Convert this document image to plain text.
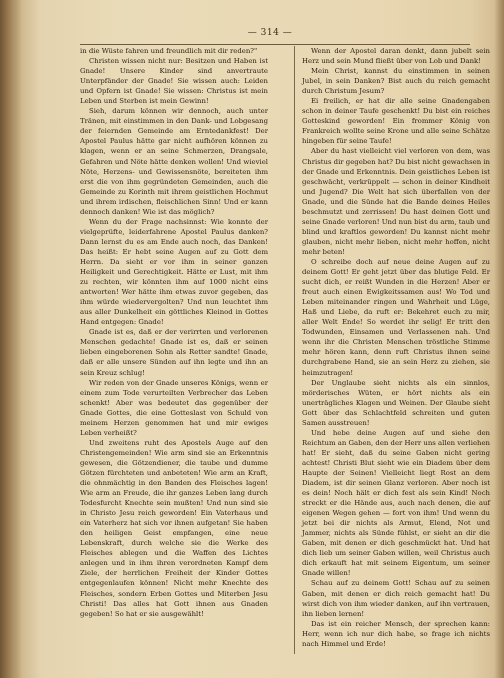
— 314 —

in die Wüste fahren und freundlich mit dir reden?"

Christen wissen nicht nur: Besitzen und Haben ist Gnade! Unsere Kinder sind anvertraute Unterpfänder der Gnade! Sie wissen auch: Leiden und Opfern ist Gnade! Sie wissen: Christus ist mein Leben und Sterben ist mein Gewinn!

Sieh, darum können wir dennoch, auch unter Tränen, mit einstimmen in den Dank- und Lobgesang der feiernden Gemeinde am Erntedankfest! Der Apostel Paulus hätte gar nicht aufhören können zu klagen, wenn er an seine Schmerzen, Drangsale, Gefahren und Nöte hätte denken wollen! Und wieviel Nöte, Herzens- und Gewissensnöte, bereiteten ihm erst die von ihm gegründeten Gemeinden, auch die Gemeinde zu Korinth mit ihrem geistlichen Hochmut und ihrem irdischen, fleischlichen Sinn! Und er kann dennoch danken! Wie ist das möglich?

Wenn du der Frage nachsinnst: Wie konnte der vielgeprüfte, leiderfahrene Apostel Paulus danken? Dann lernst du es am Ende auch noch, das Danken! Das heißt: Er hebt seine Augen auf zu Gott dem Herrn. Da sieht er vor ihm in seiner ganzen Heiligkeit und Gerechtigkeit. Hätte er Lust, mit ihm zu rechten, wir könnten ihm auf 1000 nicht eins antworten! Wer hätte ihm etwas zuvor gegeben, das ihm würde wiedervergolten? Und nun leuchtet ihm aus aller Dunkelheit ein göttliches Kleinod in Gottes Hand entgegen: Gnade!

Gnade ist es, daß er der verirrten und verlorenen Menschen gedachte! Gnade ist es, daß er seinen lieben eingeborenen Sohn als Retter sandte! Gnade, daß er alle unsere Sünden auf ihn legte und ihn an sein Kreuz schlug!

Wir reden von der Gnade unseres Königs, wenn er einem zum Tode verurteilten Verbrecher das Leben schenkt! Aber was bedeutet das gegenüber der Gnade Gottes, die eine Gotteslast von Schuld von meinem Herzen genommen hat und mir ewiges Leben verheißt?

Und zweitens ruht des Apostels Auge auf den Christengemeinden! Wie arm sind sie an Erkenntnis gewesen, die Götzendiener, die taube und dumme Götzen fürchteten und anbeteten! Wie arm an Kraft, die ohnmächtig in den Banden des Fleisches lagen! Wie arm an Freude, die ihr ganzes Leben lang durch Todesfurcht Knechte sein mußten! Und nun sind sie in Christo Jesu reich geworden! Ein Vaterhaus und ein Vaterherz hat sich vor ihnen aufgetan! Sie haben den heiligen Geist empfangen, eine neue Lebenskraft, durch welche sie die Werke des Fleisches ablegen und die Waffen des Lichtes anlegen und in ihm ihren verordneten Kampf dem Ziele, der herrlichen Freiheit der Kinder Gottes entgegenlaufen können! Nicht mehr Knechte des Fleisches, sondern Erben Gottes und Miterben Jesu Christi! Das alles hat Gott ihnen aus Gnaden gegeben! So hat er sie ausgewählt!

Wenn der Apostel daran denkt, dann jubelt sein Herz und sein Mund fließt über von Lob und Dank!

Mein Christ, kannst du einstimmen in seinen Jubel, in sein Danken? Bist auch du reich gemacht durch Christum Jesum?

Ei freilich, er hat dir alle seine Gnadengaben schon in deiner Taufe geschenkt! Du bist ein reiches Gotteskind geworden! Ein frommer König von Frankreich wollte seine Krone und alle seine Schätze hingeben für seine Taufe!

Aber du hast vielleicht viel verloren von dem, was Christus dir gegeben hat? Du bist nicht gewachsen in der Gnade und Erkenntnis. Dein geistliches Leben ist geschwächt, verkrüppelt — schon in deiner Kindheit und Jugend? Die Welt hat sich überfallen von der Gnade, und die Sünde hat die Bande deines Heiles beschmutzt und zerrissen! Du hast deinen Gott und seine Gnade verloren! Und nun bist du arm, taub und blind und kraftlos geworden! Du kannst nicht mehr glauben, nicht mehr lieben, nicht mehr hoffen, nicht mehr beten!

O schreibe doch auf neue deine Augen auf zu deinem Gott! Er geht jetzt über das blutige Feld. Er sucht dich, er reißt Wunden in die Herzen! Aber er freut auch einen Ewigkeitssamen aus! Wo Tod und Leben miteinander ringen und Wahrheit und Lüge, Haß und Liebe, da ruft er: Bekehret euch zu mir, aller Welt Ende! So werdet ihr selig! Er tritt den Todwunden, Einsamen und Verlassenen nah. Und wenn ihr die Christen Menschen tröstliche Stimme mehr hören kann, denn ruft Christus ihnen seine durchgrabene Hand, sie an sein Herz zu ziehen, sie heimzutragen!

Der Unglaube sieht nichts als ein sinnlos, mörderisches Wüten, er hört nichts als ein unerträgliches Klagen und Weinen. Der Glaube sieht Gott über das Schlachtfeld schreiten und guten Samen ausstreuen!

Und hebe deine Augen auf und siehe den Reichtum an Gaben, den der Herr uns allen verliehen hat! Er sieht, daß du seine Gaben nicht gering achtest! Christi Blut sieht wie ein Diadem über dem Haupte der Seinen! Vielleicht liegt Rost an dem Diadem, ist dir seinen Glanz verloren. Aber noch ist es dein! Noch hält er dich fest als sein Kind! Noch streckt er die Hände aus, auch nach denen, die auf eigenen Wegen gehen — fort von ihm! Und wenn du jetzt bei dir nichts als Armut, Elend, Not und Jammer, nichts als Sünde fühlst, er sieht an dir die Gaben, mit denen er dich geschmückt hat. Und hat dich lieb um seiner Gaben willen, weil Christus auch dich erkauft hat mit seinem Eigentum, um seiner Gnade willen!

Schau auf zu deinem Gott! Schau auf zu seinen Gaben, mit denen er dich reich gemacht hat! Du wirst dich von ihm wieder danken, auf ihn vertrauen, ihn lieben lernen!

Das ist ein reicher Mensch, der sprechen kann: Herr, wenn ich nur dich habe, so frage ich nichts nach Himmel und Erde!
